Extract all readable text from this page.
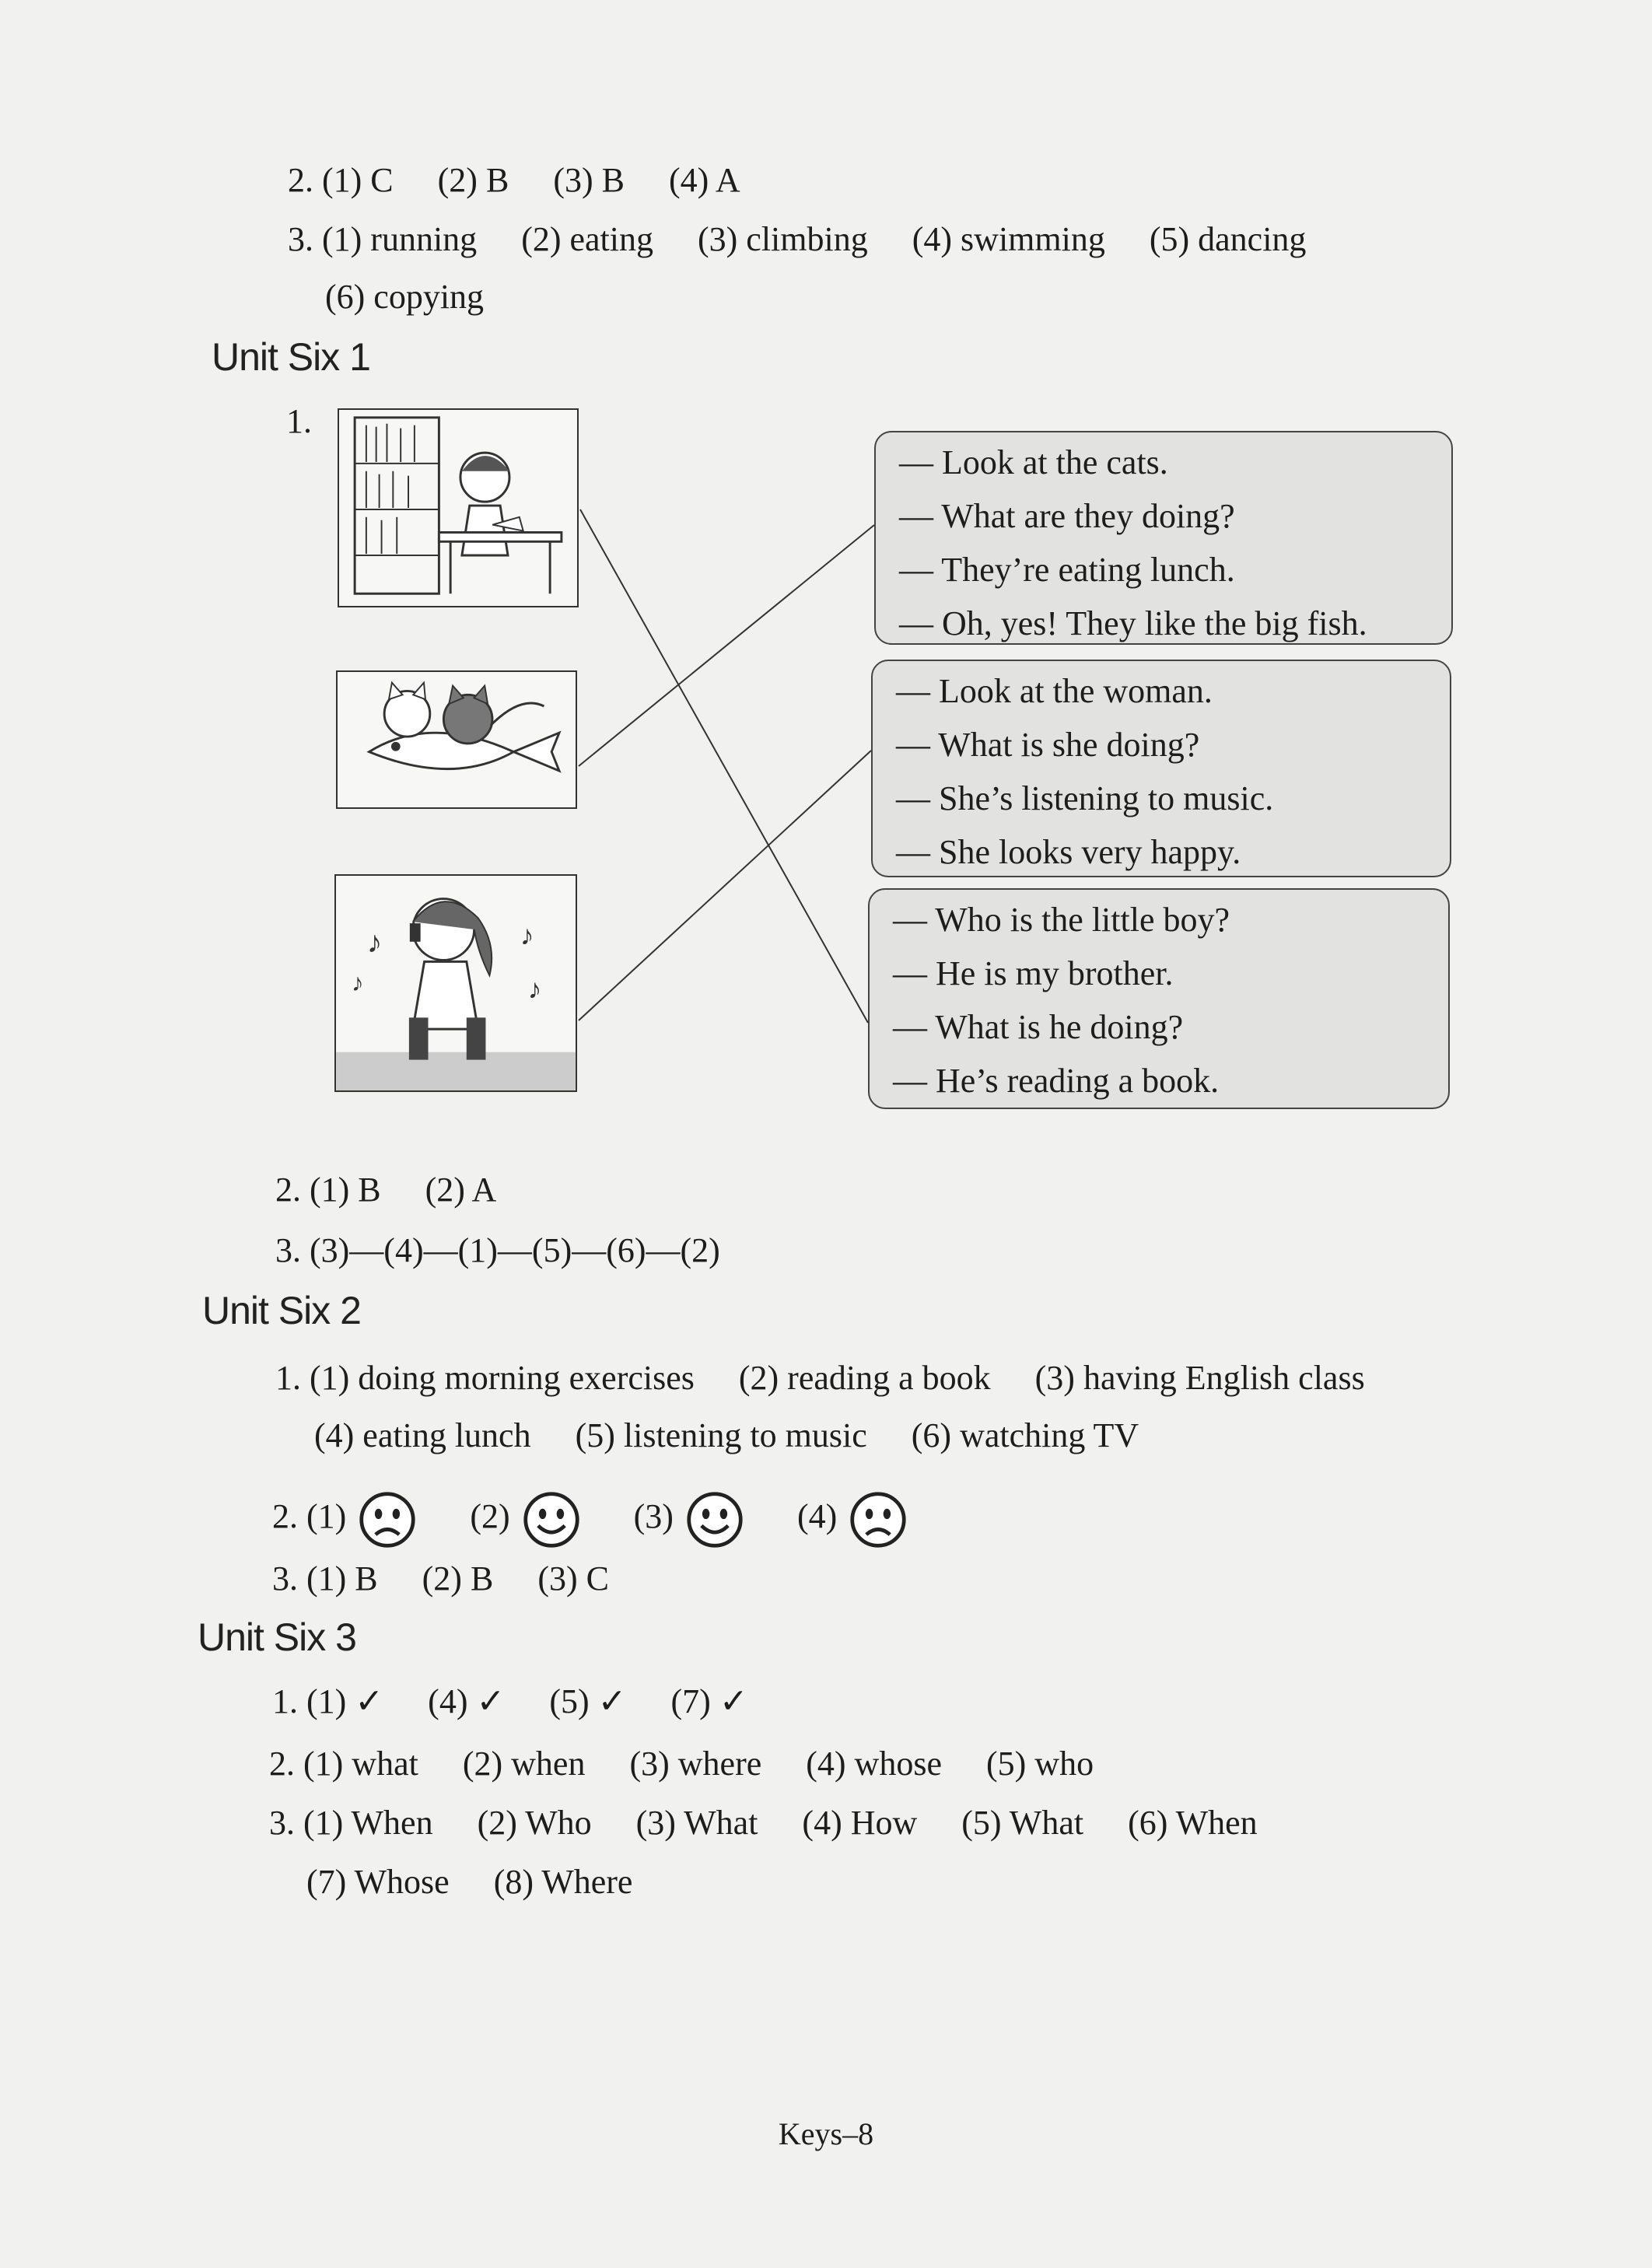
2. (1) C (2) B (3) B (4) A
3. (1) running (2) eating (3) climbing (4) swimming (5) dancing
(6) copying
Unit Six 1
1.
♪	♪
♪
♪
— Look at the cats.
— What are they doing?
— They’re eating lunch.
— Oh, yes! They like the big fish.
— Look at the woman.
— What is she doing?
— She’s listening to music.
— She looks very happy.
— Who is the little boy?
— He is my brother.
— What is he doing?
— He’s reading a book.
2. (1) B (2) A
3. (3)—(4)—(1)—(5)—(6)—(2)
Unit Six 2
1. (1) doing morning exercises (2) reading a book (3) having English class
(4) eating lunch (5) listening to music (6) watching TV
2. (1)	(2)	(3)	(4)
3. (1) B (2) B (3) C
Unit Six 3
1. (1) ✓ (4) ✓ (5) ✓ (7) ✓
2. (1) what (2) when (3) where (4) whose (5) who
3. (1) When (2) Who (3) What (4) How (5) What (6) When
(7) Whose (8) Where
Keys–8
